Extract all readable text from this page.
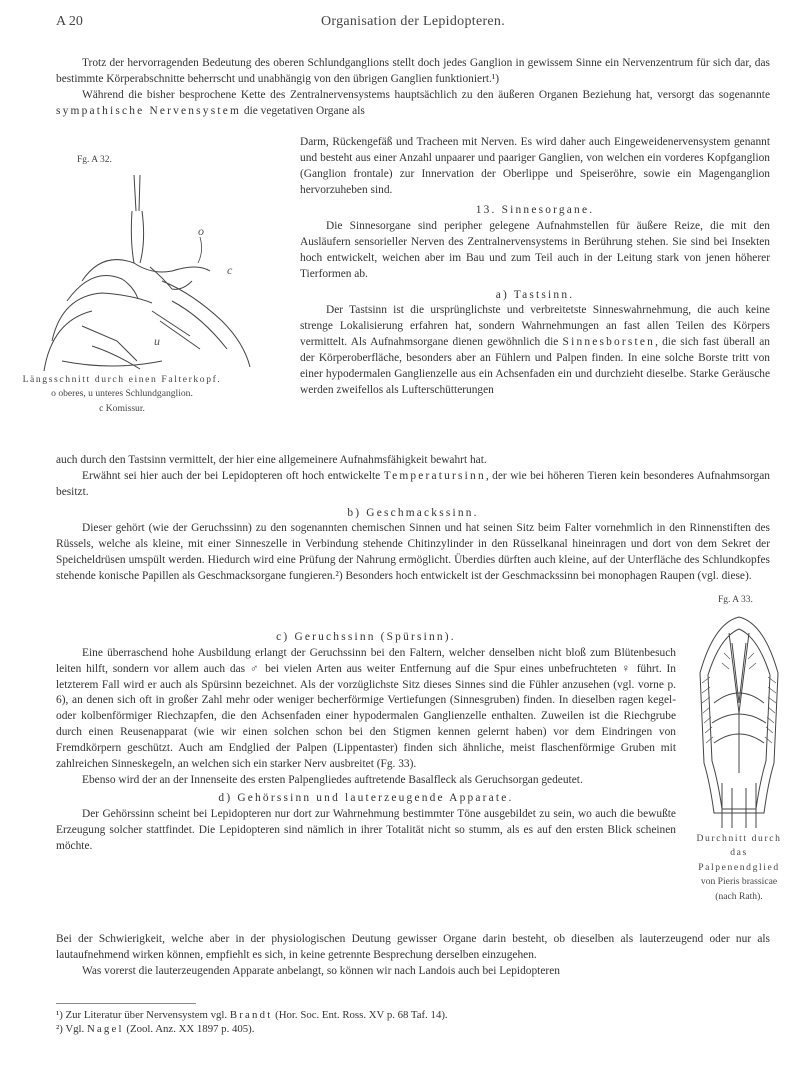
A 20	Organisation der Lepidopteren.

Trotz der hervorragenden Bedeutung des oberen Schlundganglions stellt doch jedes Ganglion in gewissem Sinne ein Nervenzentrum für sich dar, das bestimmte Körperabschnitte beherrscht und unabhängig von den übrigen Ganglien funktioniert.¹)

Während die bisher besprochene Kette des Zentralnervensystems hauptsächlich zu den äußeren Organen Beziehung hat, versorgt das sogenannte sympathische Nervensystem die vegetativen Organe als

Fg. A 32.
o
c
u
Längsschnitt durch einen Falterkopf.
o oberes, u unteres Schlundganglion.
c Komissur.

Darm, Rückengefäß und Tracheen mit Nerven. Es wird daher auch Eingeweidenervensystem genannt und besteht aus einer Anzahl unpaarer und paariger Ganglien, von welchen ein vorderes Kopfganglion (Ganglion frontale) zur Innervation der Oberlippe und Speiseröhre, sowie ein Magenganglion hervorzuheben sind.

13. Sinnesorgane.

Die Sinnesorgane sind peripher gelegene Aufnahmstellen für äußere Reize, die mit den Ausläufern sensorieller Nerven des Zentralnervensystems in Berührung stehen. Sie sind bei Insekten hoch entwickelt, weichen aber im Bau und zum Teil auch in der Leitung stark von jenen höherer Tierformen ab.

a) Tastsinn.

Der Tastsinn ist die ursprünglichste und verbreitetste Sinneswahrnehmung, die auch keine strenge Lokalisierung erfahren hat, sondern Wahrnehmungen an fast allen Teilen des Körpers vermittelt. Als Aufnahmsorgane dienen gewöhnlich die Sinnesborsten, die sich fast überall an der Körperoberfläche, besonders aber an Fühlern und Palpen finden. In eine solche Borste tritt von einer hypodermalen Ganglienzelle aus ein Achsenfaden ein und durchzieht dieselbe. Starke Geräusche werden zweifellos als Lufterschütterungen

auch durch den Tastsinn vermittelt, der hier eine allgemeinere Aufnahmsfähigkeit bewahrt hat.

Erwähnt sei hier auch der bei Lepidopteren oft hoch entwickelte Temperatursinn, der wie bei höheren Tieren kein besonderes Aufnahmsorgan besitzt.

b) Geschmackssinn.

Dieser gehört (wie der Geruchssinn) zu den sogenannten chemischen Sinnen und hat seinen Sitz beim Falter vornehmlich in den Rinnenstiften des Rüssels, welche als kleine, mit einer Sinneszelle in Verbindung stehende Chitinzylinder in den Rüsselkanal hineinragen und dort von dem Sekret der Speicheldrüsen umspült werden. Hiedurch wird eine Prüfung der Nahrung ermöglicht. Überdies dürften auch kleine, auf der Unterfläche des Schlundkopfes stehende konische Papillen als Geschmacksorgane fungieren.²) Besonders hoch entwickelt ist der Geschmackssinn bei monophagen Raupen (vgl. diese).

c) Geruchssinn (Spürsinn).

Eine überraschend hohe Ausbildung erlangt der Geruchssinn bei den Faltern, welcher denselben nicht bloß zum Blütenbesuch leiten hilft, sondern vor allem auch das ♂ bei vielen Arten aus weiter Entfernung auf die Spur eines unbefruchteten ♀ führt. In letzterem Fall wird er auch als Spürsinn bezeichnet. Als der vorzüglichste Sitz dieses Sinnes sind die Fühler anzusehen (vgl. vorne p. 6), an denen sich oft in großer Zahl mehr oder weniger becherförmige Vertiefungen (Sinnesgruben) finden. In dieselben ragen kegel- oder kolbenförmiger Riechzapfen, die den Achsenfaden einer hypodermalen Ganglienzelle enthalten. Zuweilen ist die Riechgrube durch einen Reusenapparat (wie wir einen solchen schon bei den Stigmen kennen gelernt haben) vor dem Eindringen von Fremdkörpern geschützt. Auch am Endglied der Palpen (Lippentaster) finden sich ähnliche, meist flaschenförmige Gruben mit zahlreichen Sinneskegeln, an welchen sich ein starker Nerv ausbreitet (Fg. 33).

Ebenso wird der an der Innenseite des ersten Palpengliedes auftretende Basalfleck als Geruchsorgan gedeutet.

d) Gehörssinn und lauterzeugende Apparate.

Der Gehörssinn scheint bei Lepidopteren nur dort zur Wahrnehmung bestimmter Töne ausgebildet zu sein, wo auch die bewußte Erzeugung solcher stattfindet. Die Lepidopteren sind nämlich in ihrer Totalität nicht so stumm, als es auf den ersten Blick scheinen möchte.

Fg. A 33.
Durchnitt durch
das Palpenendglied
von Pieris brassicae
(nach Rath).

Bei der Schwierigkeit, welche aber in der physiologischen Deutung gewisser Organe darin besteht, ob dieselben als lauterzeugend oder nur als lautaufnehmend wirken können, empfiehlt es sich, in keine getrennte Besprechung derselben einzugehen.

Was vorerst die lauterzeugenden Apparate anbelangt, so können wir nach Landois auch bei Lepidopteren

¹) Zur Literatur über Nervensystem vgl. Brandt (Hor. Soc. Ent. Ross. XV p. 68 Taf. 14).
²) Vgl. Nagel (Zool. Anz. XX 1897 p. 405).
